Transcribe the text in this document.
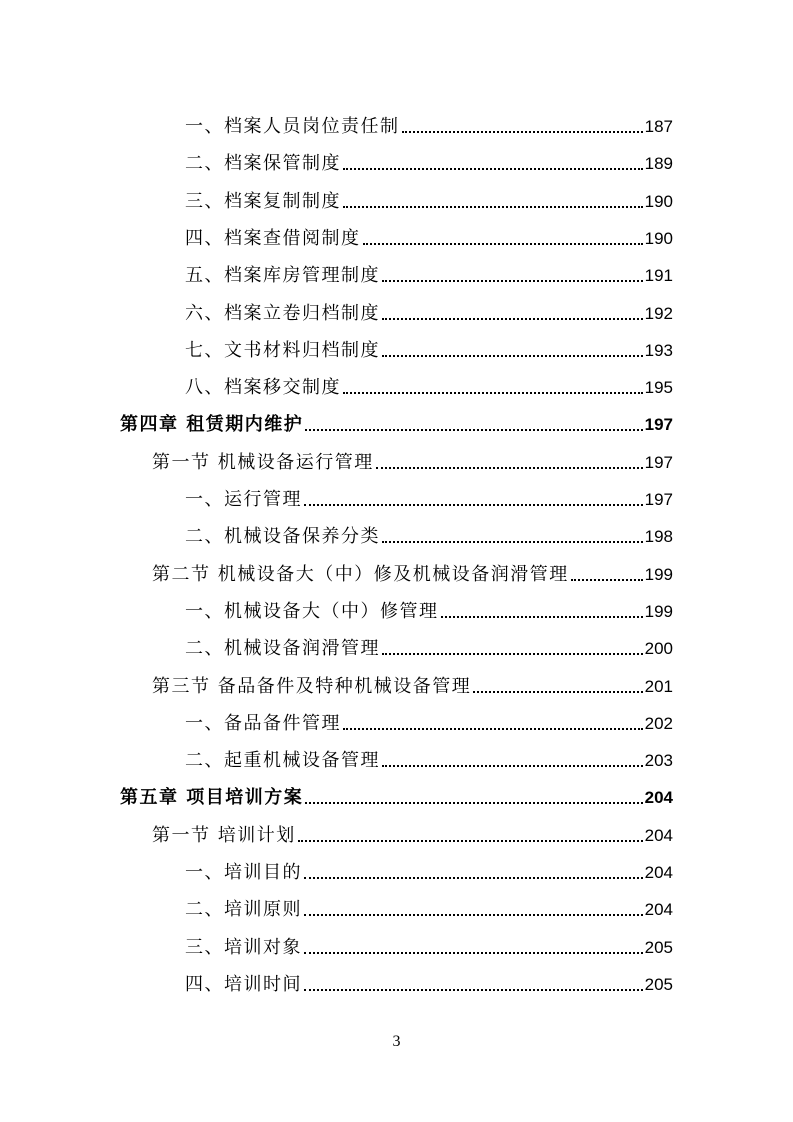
一、档案人员岗位责任制	187
二、档案保管制度	189
三、档案复制制度	190
四、档案查借阅制度	190
五、档案库房管理制度	191
六、档案立卷归档制度	192
七、文书材料归档制度	193
八、档案移交制度	195
第四章 租赁期内维护	197
第一节 机械设备运行管理	197
一、运行管理	197
二、机械设备保养分类	198
第二节 机械设备大（中）修及机械设备润滑管理	199
一、机械设备大（中）修管理	199
二、机械设备润滑管理	200
第三节 备品备件及特种机械设备管理	201
一、备品备件管理	202
二、起重机械设备管理	203
第五章 项目培训方案	204
第一节 培训计划	204
一、培训目的	204
二、培训原则	204
三、培训对象	205
四、培训时间	205
3
